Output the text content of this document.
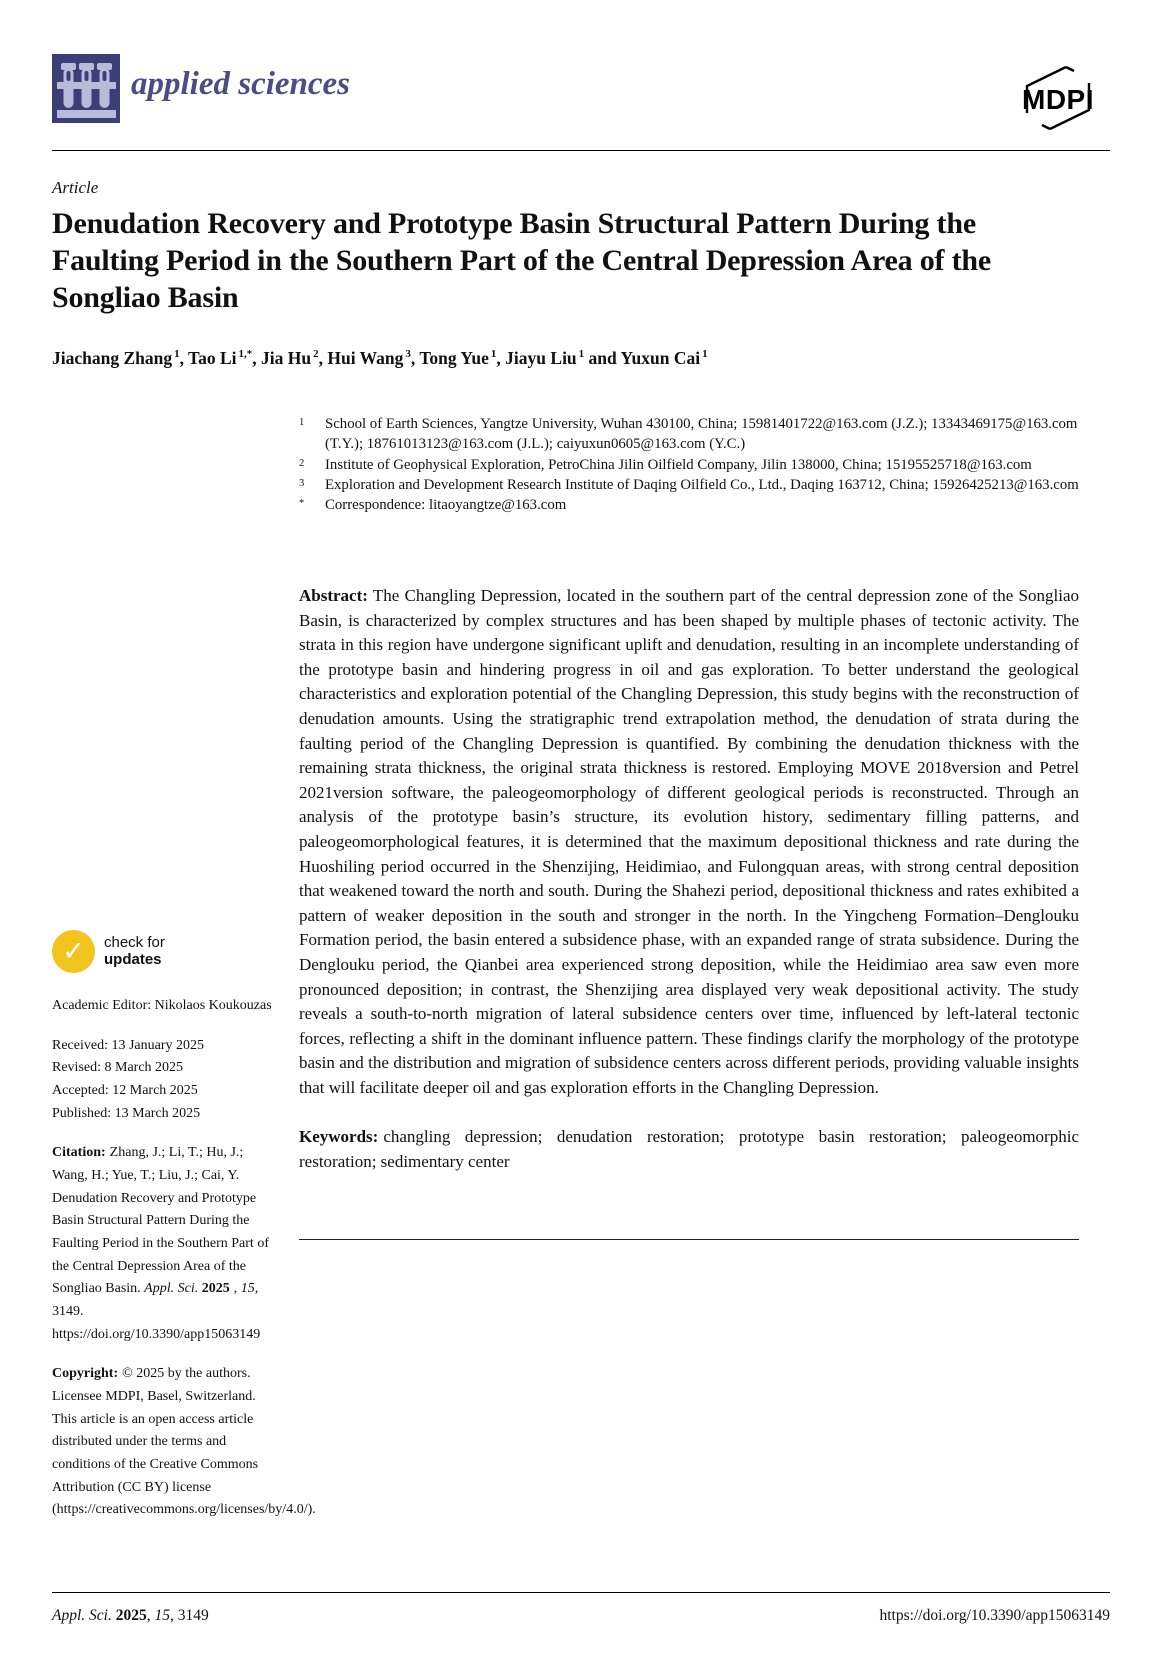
applied sciences	MDPI
Article
Denudation Recovery and Prototype Basin Structural Pattern During the Faulting Period in the Southern Part of the Central Depression Area of the Songliao Basin
Jiachang Zhang $^1$, Tao Li $^{1,*}$, Jia Hu $^2$, Hui Wang $^3$, Tong Yue $^1$, Jiayu Liu $^1$ and Yuxun Cai $^1$
1	School of Earth Sciences, Yangtze University, Wuhan 430100, China; 15981401722@163.com (J.Z.); 13343469175@163.com (T.Y.); 18761013123@163.com (J.L.); caiyuxun0605@163.com (Y.C.)
2	Institute of Geophysical Exploration, PetroChina Jilin Oilfield Company, Jilin 138000, China; 15195525718@163.com
3	Exploration and Development Research Institute of Daqing Oilfield Co., Ltd., Daqing 163712, China; 15926425213@163.com
*	Correspondence: litaoyangtze@163.com

Abstract: The Changling Depression, located in the southern part of the central depression zone of the Songliao Basin, is characterized by complex structures and has been shaped by multiple phases of tectonic activity. The strata in this region have undergone significant uplift and denudation, resulting in an incomplete understanding of the prototype basin and hindering progress in oil and gas exploration. To better understand the geological characteristics and exploration potential of the Changling Depression, this study begins with the reconstruction of denudation amounts. Using the stratigraphic trend extrapolation method, the denudation of strata during the faulting period of the Changling Depression is quantified. By combining the denudation thickness with the remaining strata thickness, the original strata thickness is restored. Employing MOVE 2018version and Petrel 2021version software, the paleogeomorphology of different geological periods is reconstructed. Through an analysis of the prototype basin’s structure, its evolution history, sedimentary filling patterns, and paleogeomorphological features, it is determined that the maximum depositional thickness and rate during the Huoshiling period occurred in the Shenzijing, Heidimiao, and Fulongquan areas, with strong central deposition that weakened toward the north and south. During the Shahezi period, depositional thickness and rates exhibited a pattern of weaker deposition in the south and stronger in the north. In the Yingcheng Formation–Denglouku Formation period, the basin entered a subsidence phase, with an expanded range of strata subsidence. During the Denglouku period, the Qianbei area experienced strong deposition, while the Heidimiao area saw even more pronounced deposition; in contrast, the Shenzijing area displayed very weak depositional activity. The study reveals a south-to-north migration of lateral subsidence centers over time, influenced by left-lateral tectonic forces, reflecting a shift in the dominant influence pattern. These findings clarify the morphology of the prototype basin and the distribution and migration of subsidence centers across different periods, providing valuable insights that will facilitate deeper oil and gas exploration efforts in the Changling Depression.

Keywords: changling depression; denudation restoration; prototype basin restoration; paleogeomorphic restoration; sedimentary center

✓	check for
updates

Academic Editor: Nikolaos Koukouzas

Received: 13 January 2025
Revised: 8 March 2025
Accepted: 12 March 2025
Published: 13 March 2025

Citation: Zhang, J.; Li, T.; Hu, J.; Wang, H.; Yue, T.; Liu, J.; Cai, Y. Denudation Recovery and Prototype Basin Structural Pattern During the Faulting Period in the Southern Part of the Central Depression Area of the Songliao Basin. Appl. Sci. 2025 , 15, 3149. https://doi.org/10.3390/app15063149

Copyright: © 2025 by the authors. Licensee MDPI, Basel, Switzerland. This article is an open access article distributed under the terms and conditions of the Creative Commons Attribution (CC BY) license (https://creativecommons.org/licenses/by/4.0/).

Appl. Sci. 2025, 15, 3149	https://doi.org/10.3390/app15063149
